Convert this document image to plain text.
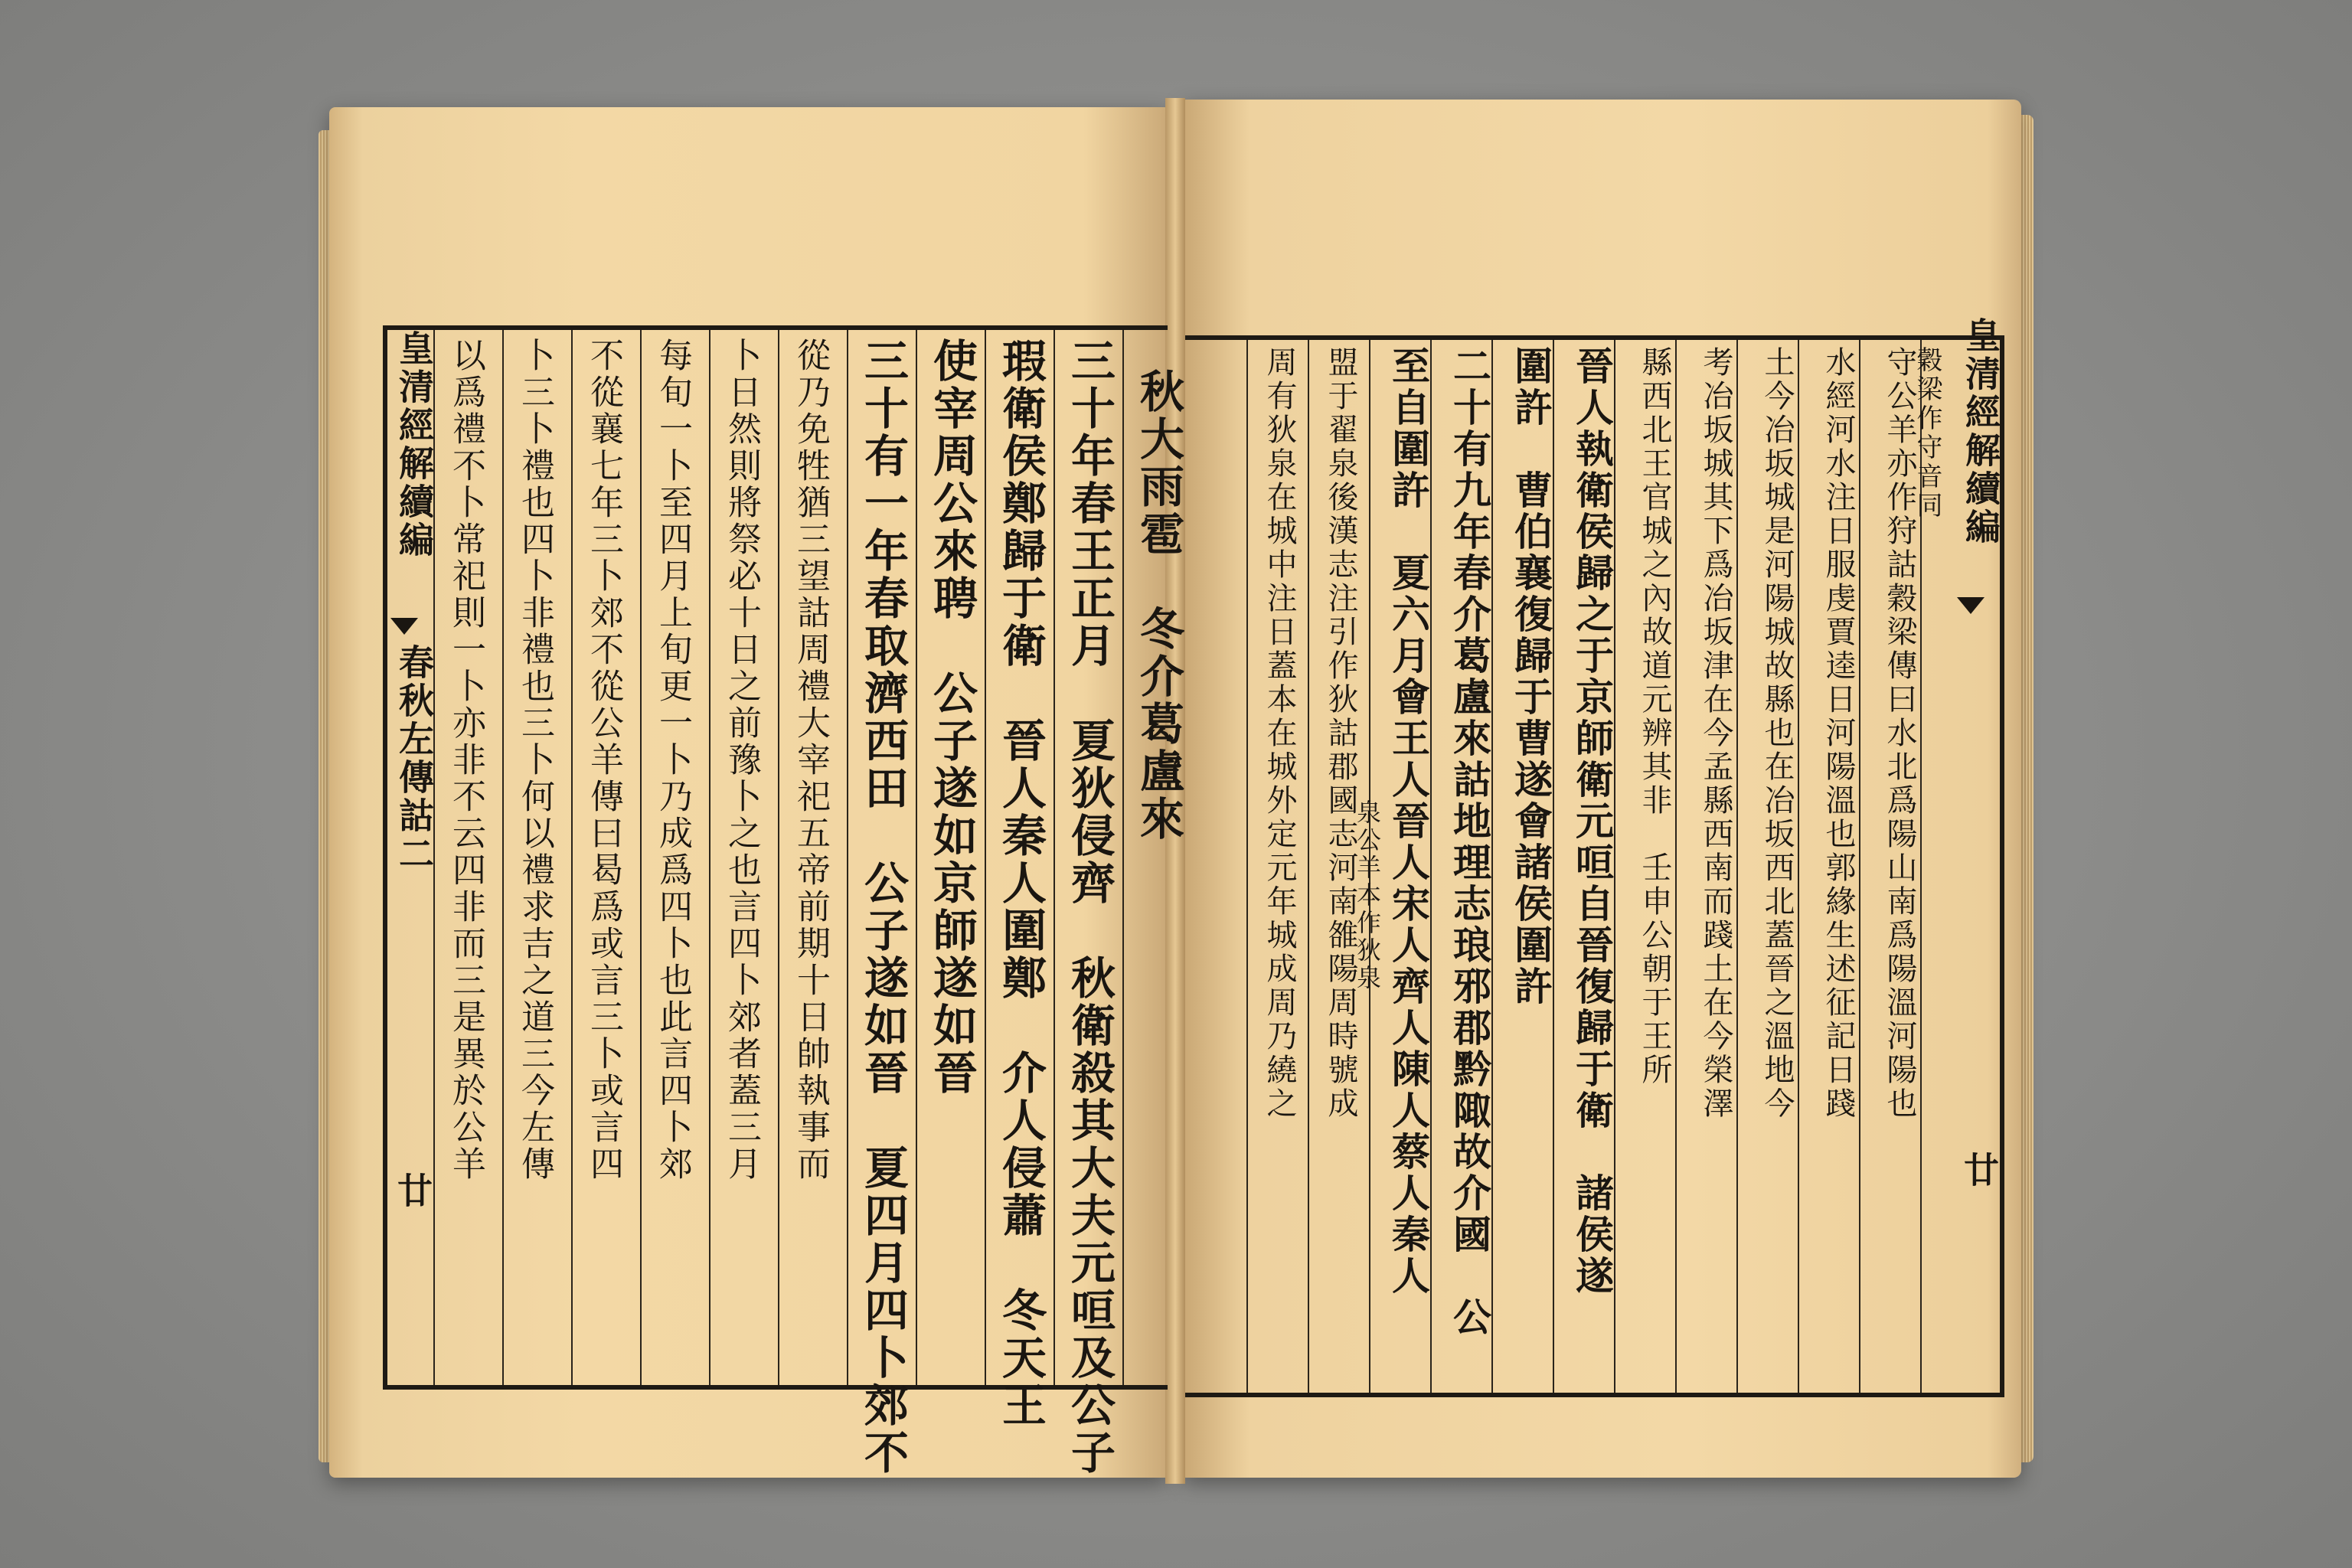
皇清經解續編
春秋左傳詁二
廿
秋大雨雹　冬介葛盧來
三十年春王正月　夏狄侵齊　秋衛殺其大夫元咺及公子
瑕衛侯鄭歸于衛　晉人秦人圍鄭　介人侵蕭　冬天王
使宰周公來聘　公子遂如京師遂如晉
三十有一年春取濟西田　公子遂如晉　夏四月四卜郊不
從乃免牲猶三望詁周禮大宰祀五帝前期十日帥執事而
卜日然則將祭必十日之前豫卜之也言四卜郊者蓋三月
每旬一卜至四月上旬更一卜乃成爲四卜也此言四卜郊
不從襄七年三卜郊不從公羊傳曰曷爲或言三卜或言四
卜三卜禮也四卜非禮也三卜何以禮求吉之道三今左傳
以爲禮不卜常祀則一卜亦非不云四非而三是異於公羊	皇清經解續編
廿
守公羊亦作狩詁穀梁傳曰水北爲陽山南爲陽溫河陽也
穀梁作守音同
水經河水注日服虔賈逵日河陽溫也郭緣生述征記日踐
土今冶坂城是河陽城故縣也在冶坂西北蓋晉之溫地今
考冶坂城其下爲冶坂津在今孟縣西南而踐土在今榮澤
縣西北王官城之內故道元辨其非　壬申公朝于王所
晉人執衛侯歸之于京師衛元咺自晉復歸于衛　諸侯遂
圍許　曹伯襄復歸于曹遂會諸侯圍許
二十有九年春介葛盧來詁地理志琅邪郡黔陬故介國　公
至自圍許　夏六月會王人晉人宋人齊人陳人蔡人秦人
盟于翟泉後漢志注引作狄詁郡國志河南雒陽周時號成
泉公羊本作狄泉
周有狄泉在城中注日蓋本在城外定元年城成周乃繞之
